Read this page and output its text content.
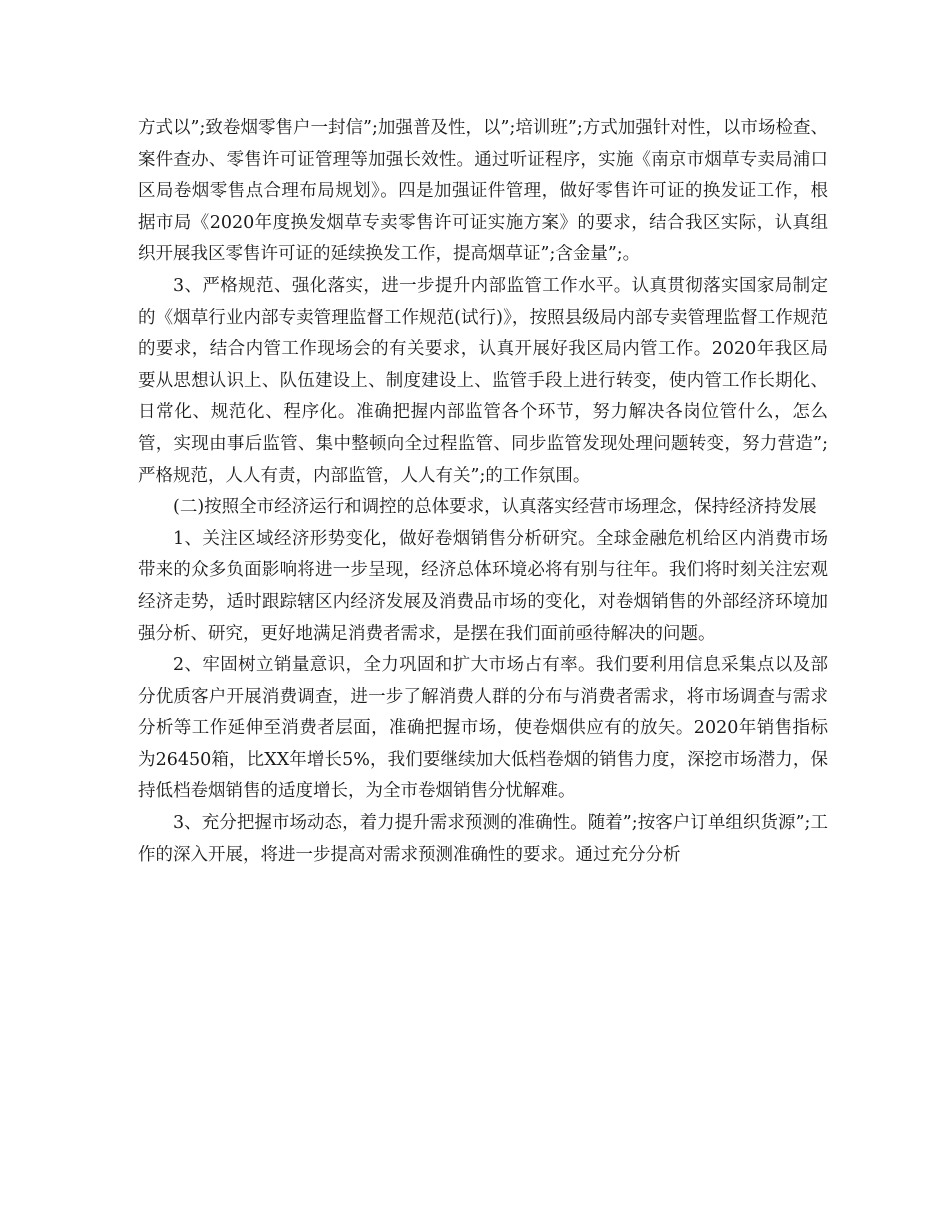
方式以”;致卷烟零售户一封信”;加强普及性，以”;培训班”;方式加强针对性，以市场检查、案件查办、零售许可证管理等加强长效性。通过听证程序，实施《南京市烟草专卖局浦口区局卷烟零售点合理布局规划》。四是加强证件管理，做好零售许可证的换发证工作，根据市局《2020年度换发烟草专卖零售许可证实施方案》的要求，结合我区实际，认真组织开展我区零售许可证的延续换发工作，提高烟草证”;含金量”;。

3、严格规范、强化落实，进一步提升内部监管工作水平。认真贯彻落实国家局制定的《烟草行业内部专卖管理监督工作规范(试行)》，按照县级局内部专卖管理监督工作规范的要求，结合内管工作现场会的有关要求，认真开展好我区局内管工作。2020年我区局要从思想认识上、队伍建设上、制度建设上、监管手段上进行转变，使内管工作长期化、日常化、规范化、程序化。准确把握内部监管各个环节，努力解决各岗位管什么，怎么管，实现由事后监管、集中整顿向全过程监管、同步监管发现处理问题转变，努力营造”;严格规范，人人有责，内部监管，人人有关”;的工作氛围。

(二)按照全市经济运行和调控的总体要求，认真落实经营市场理念，保持经济持发展

1、关注区域经济形势变化，做好卷烟销售分析研究。全球金融危机给区内消费市场带来的众多负面影响将进一步呈现，经济总体环境必将有别与往年。我们将时刻关注宏观经济走势，适时跟踪辖区内经济发展及消费品市场的变化，对卷烟销售的外部经济环境加强分析、研究，更好地满足消费者需求，是摆在我们面前亟待解决的问题。

2、牢固树立销量意识，全力巩固和扩大市场占有率。我们要利用信息采集点以及部分优质客户开展消费调查，进一步了解消费人群的分布与消费者需求，将市场调查与需求分析等工作延伸至消费者层面，准确把握市场，使卷烟供应有的放矢。2020年销售指标为26450箱，比XX年增长5%，我们要继续加大低档卷烟的销售力度，深挖市场潜力，保持低档卷烟销售的适度增长，为全市卷烟销售分忧解难。

3、充分把握市场动态，着力提升需求预测的准确性。随着”;按客户订单组织货源”;工作的深入开展，将进一步提高对需求预测准确性的要求。通过充分分析
